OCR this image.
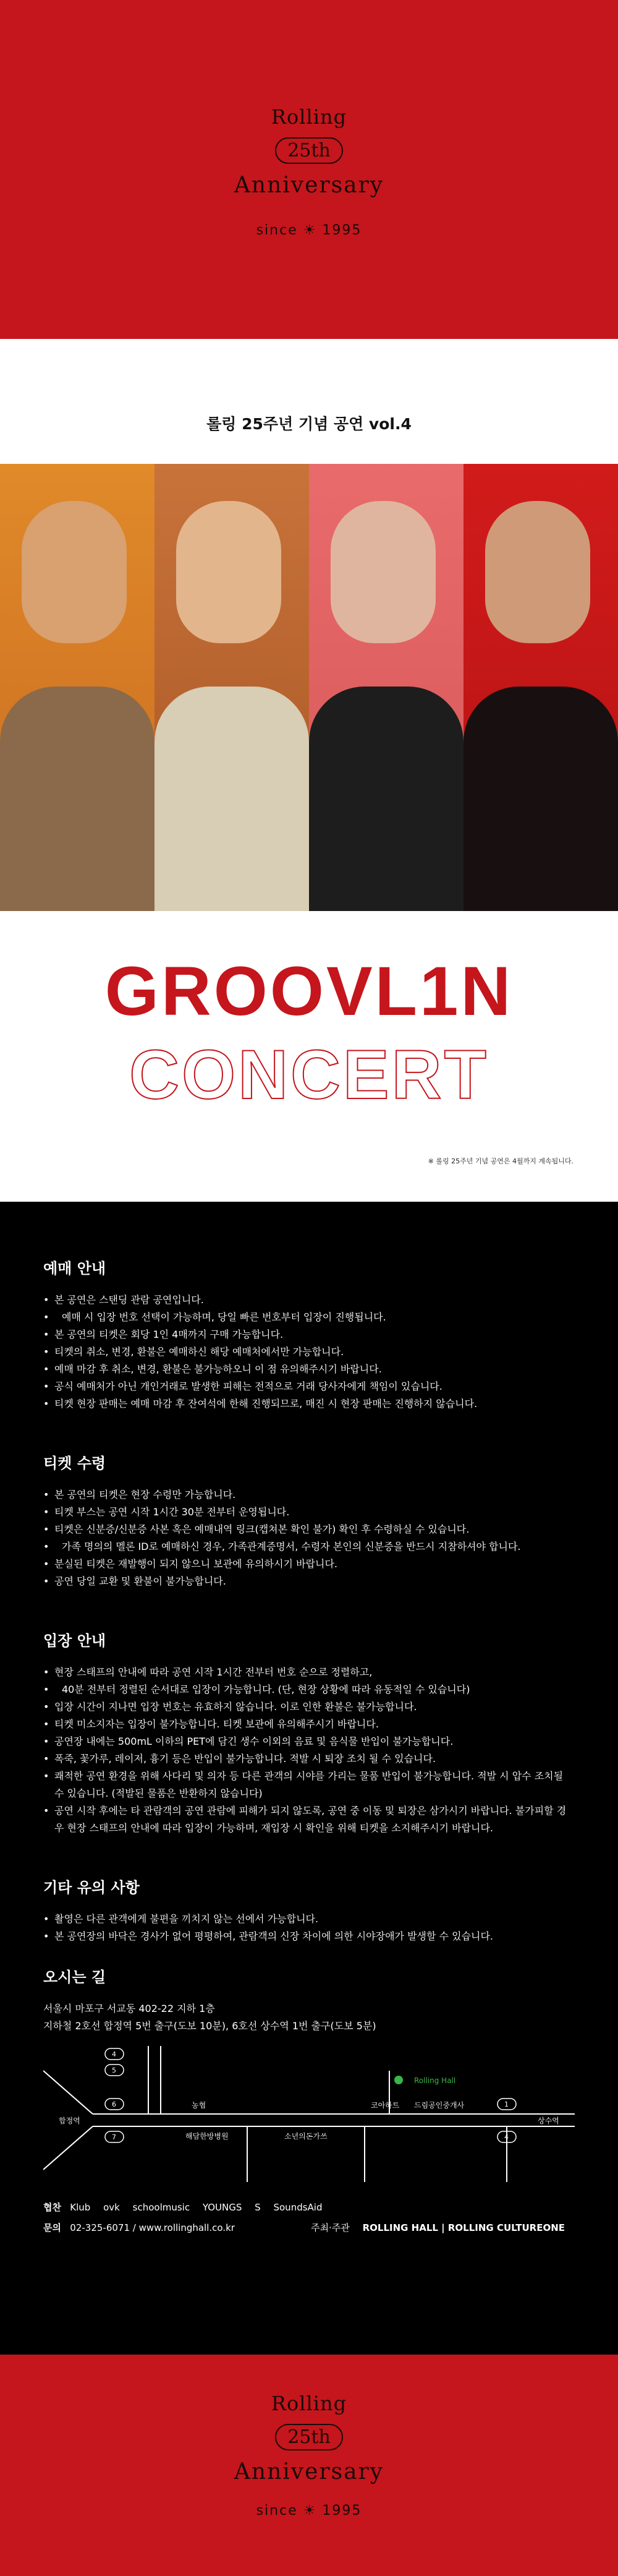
Rolling
25th
Anniversary
since ☀ 1995
롤링 25주년 기념 공연 vol.4
GROOVL1N
CONCERT
※ 롤링 25주년 기념 공연은 4월까지 계속됩니다.
예매 안내
• 본 공연은 스탠딩 관람 공연입니다.
• 예매 시 입장 번호 선택이 가능하며, 당일 빠른 번호부터 입장이 진행됩니다.
• 본 공연의 티켓은 회당 1인 4매까지 구매 가능합니다.
• 티켓의 취소, 변경, 환불은 예매하신 해당 예매처에서만 가능합니다.
• 예매 마감 후 취소, 변경, 환불은 불가능하오니 이 점 유의해주시기 바랍니다.
• 공식 예매처가 아닌 개인거래로 발생한 피해는 전적으로 거래 당사자에게 책임이 있습니다.
• 티켓 현장 판매는 예매 마감 후 잔여석에 한해 진행되므로, 매진 시 현장 판매는 진행하지 않습니다.
티켓 수령
• 본 공연의 티켓은 현장 수령만 가능합니다.
• 티켓 부스는 공연 시작 1시간 30분 전부터 운영됩니다.
• 티켓은 신분증/신분증 사본 혹은 예매내역 링크(캡쳐본 확인 불가) 확인 후 수령하실 수 있습니다.
• 가족 명의의 멜론 ID로 예매하신 경우, 가족관계증명서, 수령자 본인의 신분증을 반드시 지참하셔야 합니다.
• 분실된 티켓은 재발행이 되지 않으니 보관에 유의하시기 바랍니다.
• 공연 당일 교환 및 환불이 불가능합니다.
입장 안내
• 현장 스태프의 안내에 따라 공연 시작 1시간 전부터 번호 순으로 정렬하고,
• 40분 전부터 정렬된 순서대로 입장이 가능합니다. (단, 현장 상황에 따라 유동적일 수 있습니다)
• 입장 시간이 지나면 입장 번호는 유효하지 않습니다. 이로 인한 환불은 불가능합니다.
• 티켓 미소지자는 입장이 불가능합니다. 티켓 보관에 유의해주시기 바랍니다.
• 공연장 내에는 500mL 이하의 PET에 담긴 생수 이외의 음료 및 음식물 반입이 불가능합니다.
• 폭죽, 꽃가루, 레이저, 흉기 등은 반입이 불가능합니다. 적발 시 퇴장 조치 될 수 있습니다.
• 쾌적한 공연 환경을 위해 사다리 및 의자 등 다른 관객의 시야를 가리는 물품 반입이 불가능합니다. 적발 시 압수 조치될 수 있습니다. (적발된 물품은 반환하지 않습니다)
• 공연 시작 후에는 타 관람객의 공연 관람에 피해가 되지 않도록, 공연 중 이동 및 퇴장은 삼가시기 바랍니다. 불가피할 경우 현장 스태프의 안내에 따라 입장이 가능하며, 재입장 시 확인을 위해 티켓을 소지해주시기 바랍니다.
기타 유의 사항
• 촬영은 다른 관객에게 불편을 끼치지 않는 선에서 가능합니다.
• 본 공연장의 바닥은 경사가 없어 평평하여, 관람객의 신장 차이에 의한 시야장애가 발생할 수 있습니다.
오시는 길
서울시 마포구 서교동 402-22 지하 1층
지하철 2호선 합정역 5번 출구(도보 10분), 6호선 상수역 1번 출구(도보 5분)
합정역	상수역
농협
해담한방병원	소년의돈가쓰
코아하트 드림공인중개사
Rolling Hall
4
5
6
7
1
4
협찬 Klub ovk schoolmusic YOUNGS S SoundsAid
문의 02-325-6071 / www.rollinghall.co.kr	주최·주관 ROLLING HALL | ROLLING CULTUREONE
Rolling
25th
Anniversary
since ☀ 1995
